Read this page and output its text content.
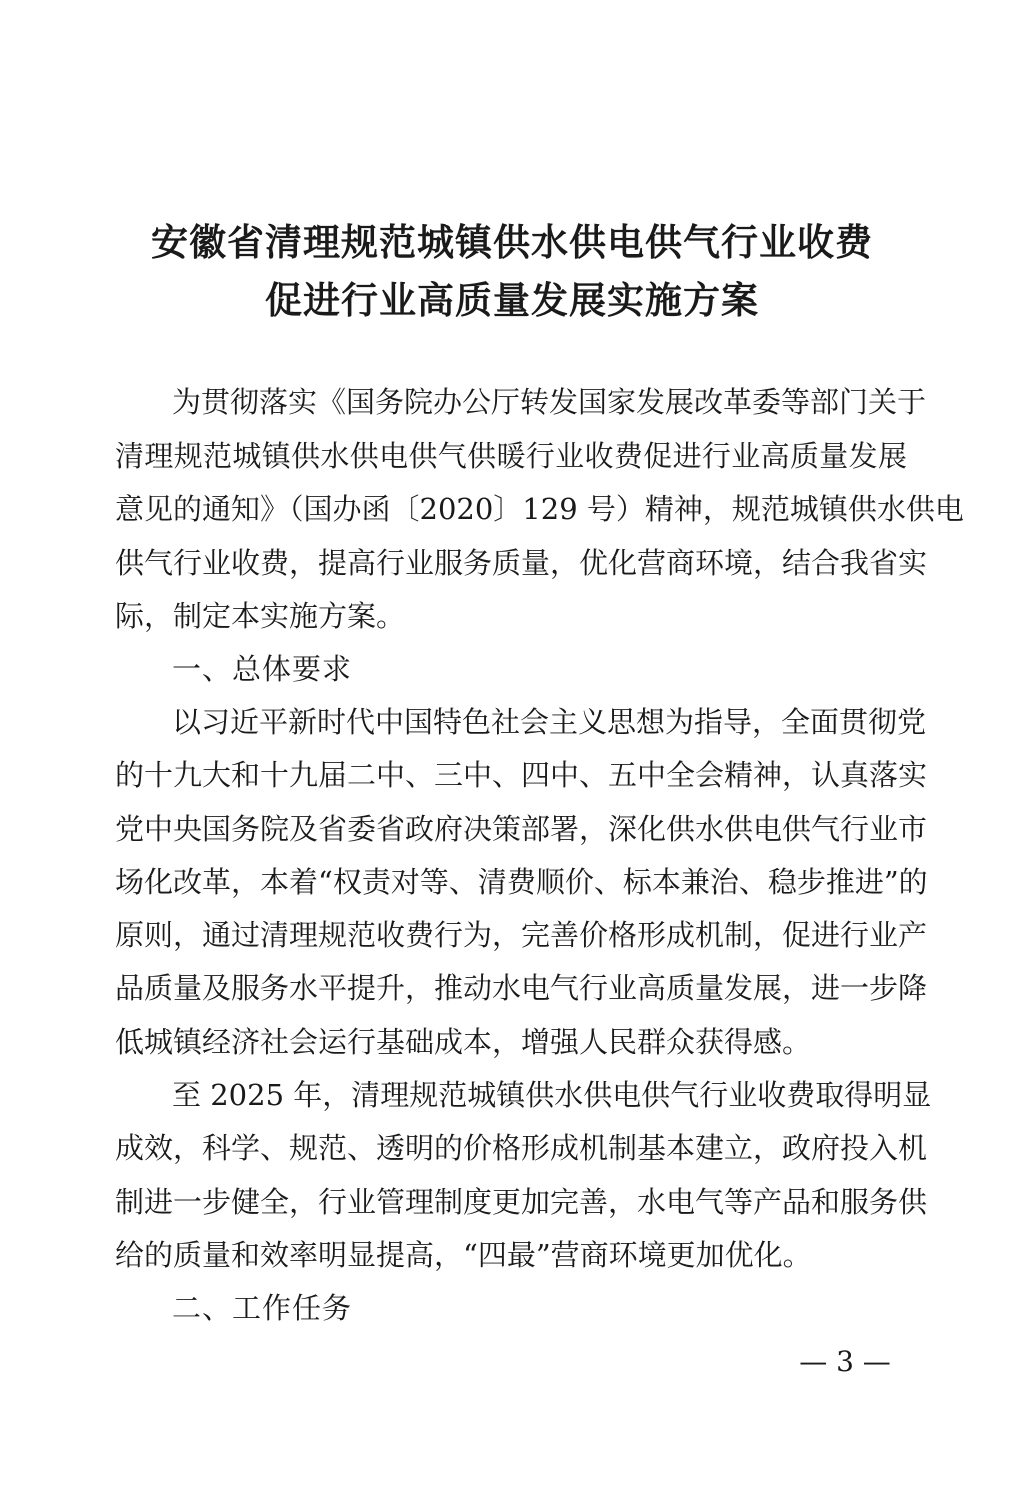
安徽省清理规范城镇供水供电供气行业收费
促进行业高质量发展实施方案
为贯彻落实《国务院办公厅转发国家发展改革委等部门关于
清理规范城镇供水供电供气供暖行业收费促进行业高质量发展
意见的通知》（国办函〔2020〕129 号）精神，规范城镇供水供电
供气行业收费，提高行业服务质量，优化营商环境，结合我省实
际，制定本实施方案。
一、总体要求
以习近平新时代中国特色社会主义思想为指导，全面贯彻党
的十九大和十九届二中、三中、四中、五中全会精神，认真落实
党中央国务院及省委省政府决策部署，深化供水供电供气行业市
场化改革，本着“权责对等、清费顺价、标本兼治、稳步推进”的
原则，通过清理规范收费行为，完善价格形成机制，促进行业产
品质量及服务水平提升，推动水电气行业高质量发展，进一步降
低城镇经济社会运行基础成本，增强人民群众获得感。
至 2025 年，清理规范城镇供水供电供气行业收费取得明显
成效，科学、规范、透明的价格形成机制基本建立，政府投入机
制进一步健全，行业管理制度更加完善，水电气等产品和服务供
给的质量和效率明显提高，“四最”营商环境更加优化。
二、工作任务
— 3 —
